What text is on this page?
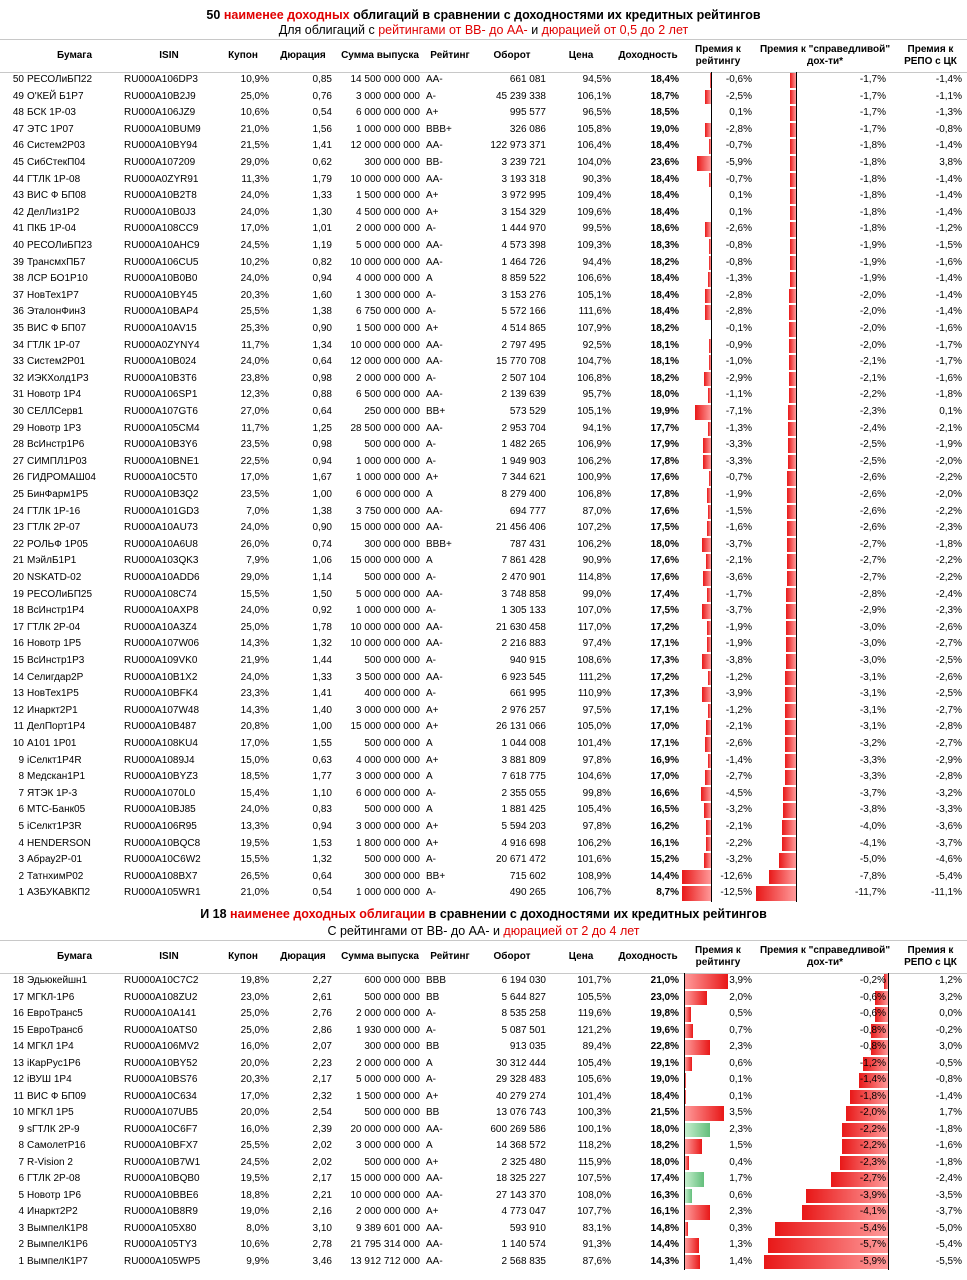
50 наименее доходных облигаций в сравнении с доходностями их кредитных рейтингов
Для облигаций с рейтингами от ВВ- до АА- и дюрацией от 0,5 до 2 лет
Бумага	ISIN	Купон	Дюрация	Сумма выпуска	Рейтинг	Оборот	Цена	Доходность
Премия к рейтингу
Премия к "справедливой" дох-ти*
Премия к РЕПО с ЦК
50 РЕСОЛиБП22	RU000A106DP3	10,9%	0,85	14 500 000 000 AA-	661 081	94,5%	18,4%	-0,6%	-1,7%	-1,4%
49 О'КЕЙ Б1Р7	RU000A10B2J9	25,0%	0,76	3 000 000 000 A-	45 239 338	106,1%	18,7%	-2,5%	-1,7%	-1,1%
48 БСК 1Р-03	RU000A106JZ9	10,6%	0,54	6 000 000 000 A+	995 577	96,5%	18,5%	0,1%	-1,7%	-1,3%
47 ЭТС 1P07	RU000A10BUM9	21,0%	1,56	1 000 000 000 BBB+	326 086	105,8%	19,0%	-2,8%	-1,7%	-0,8%
46 Систем2Р03	RU000A10BY94	21,5%	1,41	12 000 000 000 AA-	122 973 371	106,4%	18,4%	-0,7%	-1,8%	-1,4%
45 СибСтекП04	RU000A107209	29,0%	0,62	300 000 000 BB-	3 239 721	104,0%	23,6%	-5,9%	-1,8%	3,8%
44 ГТЛК 1Р-08	RU000A0ZYR91	11,3%	1,79	10 000 000 000 AA-	3 193 318	90,3%	18,4%	-0,7%	-1,8%	-1,4%
43 ВИС Ф БП08	RU000A10B2T8	24,0%	1,33	1 500 000 000 A+	3 972 995	109,4%	18,4%	0,1%	-1,8%	-1,4%
42 ДелЛиз1Р2	RU000A10B0J3	24,0%	1,30	4 500 000 000 A+	3 154 329	109,6%	18,4%	0,1%	-1,8%	-1,4%
41 ПКБ 1Р-04	RU000A108CC9	17,0%	1,01	2 000 000 000 A-	1 444 970	99,5%	18,6%	-2,6%	-1,8%	-1,2%
40 РЕСОЛиБП23	RU000A10AHC9	24,5%	1,19	5 000 000 000 AA-	4 573 398	109,3%	18,3%	-0,8%	-1,9%	-1,5%
39 ТрансмхПБ7	RU000A106CU5	10,2%	0,82	10 000 000 000 AA-	1 464 726	94,4%	18,2%	-0,8%	-1,9%	-1,6%
38 ЛСР БО1Р10	RU000A10B0B0	24,0%	0,94	4 000 000 000 A	8 859 522	106,6%	18,4%	-1,3%	-1,9%	-1,4%
37 НовТех1Р7	RU000A10BY45	20,3%	1,60	1 300 000 000 A-	3 153 276	105,1%	18,4%	-2,8%	-2,0%	-1,4%
36 ЭталонФин3	RU000A10BAP4	25,5%	1,38	6 750 000 000 A-	5 572 166	111,6%	18,4%	-2,8%	-2,0%	-1,4%
35 ВИС Ф БП07	RU000A10AV15	25,3%	0,90	1 500 000 000 A+	4 514 865	107,9%	18,2%	-0,1%	-2,0%	-1,6%
34 ГТЛК 1Р-07	RU000A0ZYNY4	11,7%	1,34	10 000 000 000 AA-	2 797 495	92,5%	18,1%	-0,9%	-2,0%	-1,7%
33 Систем2Р01	RU000A10B024	24,0%	0,64	12 000 000 000 AA-	15 770 708	104,7%	18,1%	-1,0%	-2,1%	-1,7%
32 ИЭКХолд1Р3	RU000A10B3T6	23,8%	0,98	2 000 000 000 A-	2 507 104	106,8%	18,2%	-2,9%	-2,1%	-1,6%
31 Новотр 1Р4	RU000A106SP1	12,3%	0,88	6 500 000 000 AA-	2 139 639	95,7%	18,0%	-1,1%	-2,2%	-1,8%
30 СЕЛЛСерв1	RU000A107GT6	27,0%	0,64	250 000 000 BB+	573 529	105,1%	19,9%	-7,1%	-2,3%	0,1%
29 Новотр 1Р3	RU000A105CM4	11,7%	1,25	28 500 000 000 AA-	2 953 704	94,1%	17,7%	-1,3%	-2,4%	-2,1%
28 ВсИнстр1Р6	RU000A10B3Y6	23,5%	0,98	500 000 000 A-	1 482 265	106,9%	17,9%	-3,3%	-2,5%	-1,9%
27 СИМПЛ1Р03	RU000A10BNE1	22,5%	0,94	1 000 000 000 A-	1 949 903	106,2%	17,8%	-3,3%	-2,5%	-2,0%
26 ГИДРОМАШ04	RU000A10C5T0	17,0%	1,67	1 000 000 000 A+	7 344 621	100,9%	17,6%	-0,7%	-2,6%	-2,2%
25 БинФарм1Р5	RU000A10B3Q2	23,5%	1,00	6 000 000 000 A	8 279 400	106,8%	17,8%	-1,9%	-2,6%	-2,0%
24 ГТЛК 1Р-16	RU000A101GD3	7,0%	1,38	3 750 000 000 AA-	694 777	87,0%	17,6%	-1,5%	-2,6%	-2,2%
23 ГТЛК 2Р-07	RU000A10AU73	24,0%	0,90	15 000 000 000 AA-	21 456 406	107,2%	17,5%	-1,6%	-2,6%	-2,3%
22 РОЛЬФ 1Р05	RU000A10A6U8	26,0%	0,74	300 000 000 BBB+	787 431	106,2%	18,0%	-3,7%	-2,7%	-1,8%
21 МэйлБ1Р1	RU000A103QK3	7,9%	1,06	15 000 000 000 A	7 861 428	90,9%	17,6%	-2,1%	-2,7%	-2,2%
20 NSKATD-02	RU000A10ADD6	29,0%	1,14	500 000 000 A-	2 470 901	114,8%	17,6%	-3,6%	-2,7%	-2,2%
19 РЕСОЛиБП25	RU000A108C74	15,5%	1,50	5 000 000 000 AA-	3 748 858	99,0%	17,4%	-1,7%	-2,8%	-2,4%
18 ВсИнстр1Р4	RU000A10AXP8	24,0%	0,92	1 000 000 000 A-	1 305 133	107,0%	17,5%	-3,7%	-2,9%	-2,3%
17 ГТЛК 2Р-04	RU000A10A3Z4	25,0%	1,78	10 000 000 000 AA-	21 630 458	117,0%	17,2%	-1,9%	-3,0%	-2,6%
16 Новотр 1Р5	RU000A107W06	14,3%	1,32	10 000 000 000 AA-	2 216 883	97,4%	17,1%	-1,9%	-3,0%	-2,7%
15 ВсИнстр1Р3	RU000A109VK0	21,9%	1,44	500 000 000 A-	940 915	108,6%	17,3%	-3,8%	-3,0%	-2,5%
14 Селигдар2Р	RU000A10B1X2	24,0%	1,33	3 500 000 000 AA-	6 923 545	111,2%	17,2%	-1,2%	-3,1%	-2,6%
13 НовТех1Р5	RU000A10BFK4	23,3%	1,41	400 000 000 A-	661 995	110,9%	17,3%	-3,9%	-3,1%	-2,5%
12 Инаркт2Р1	RU000A107W48	14,3%	1,40	3 000 000 000 A+	2 976 257	97,5%	17,1%	-1,2%	-3,1%	-2,7%
11 ДелПорт1Р4	RU000A10B487	20,8%	1,00	15 000 000 000 A+	26 131 066	105,0%	17,0%	-2,1%	-3,1%	-2,8%
10 А101 1Р01	RU000A108KU4	17,0%	1,55	500 000 000 A	1 044 008	101,4%	17,1%	-2,6%	-3,2%	-2,7%
9 iСелкт1Р4R	RU000A1089J4	15,0%	0,63	4 000 000 000 A+	3 881 809	97,8%	16,9%	-1,4%	-3,3%	-2,9%
8 Медскан1Р1	RU000A10BYZ3	18,5%	1,77	3 000 000 000 A	7 618 775	104,6%	17,0%	-2,7%	-3,3%	-2,8%
7 ЯТЭК 1Р-3	RU000A1070L0	15,4%	1,10	6 000 000 000 A-	2 355 055	99,8%	16,6%	-4,5%	-3,7%	-3,2%
6 МТС-Банк05	RU000A10BJ85	24,0%	0,83	500 000 000 A	1 881 425	105,4%	16,5%	-3,2%	-3,8%	-3,3%
5 iСелкт1Р3R	RU000A106R95	13,3%	0,94	3 000 000 000 A+	5 594 203	97,8%	16,2%	-2,1%	-4,0%	-3,6%
4 HENDERSON	RU000A10BQC8	19,5%	1,53	1 800 000 000 A+	4 916 698	106,2%	16,1%	-2,2%	-4,1%	-3,7%
3 Абрау2Р-01	RU000A10C6W2	15,5%	1,32	500 000 000 A-	20 671 472	101,6%	15,2%	-3,2%	-5,0%	-4,6%
2 ТатнхимР02	RU000A108BX7	26,5%	0,64	300 000 000 BB+	715 602	108,9%	14,4%	-12,6%	-7,8%	-5,4%
1 АЗБУКАВКП2	RU000A105WR1	21,0%	0,54	1 000 000 000 A-	490 265	106,7%	8,7%	-12,5%	-11,7%	-11,1%
И 18 наименее доходных облигации в сравнении с доходностями их кредитных рейтингов
С рейтингами от ВВ- до АА- и дюрацией от 2 до 4 лет
Бумага	ISIN	Купон	Дюрация	Сумма выпуска	Рейтинг	Оборот	Цена	Доходность
Премия к рейтингу
Премия к "справедливой" дох-ти*
Премия к РЕПО с ЦК
18 Эдьюкейшн1	RU000A10C7C2	19,8%	2,27	600 000 000 BBB	6 194 030	101,7%	21,0%	3,9%	-0,2%	1,2%
17 МГКЛ-1Р6	RU000A108ZU2	23,0%	2,61	500 000 000 BB	5 644 827	105,5%	23,0%	2,0%	-0,6%	3,2%
16 ЕвроТранс5	RU000A10A141	25,0%	2,76	2 000 000 000 A-	8 535 258	119,6%	19,8%	0,5%	-0,6%	0,0%
15 ЕвроТрансб	RU000A10ATS0	25,0%	2,86	1 930 000 000 A-	5 087 501	121,2%	19,6%	0,7%	-0,8%	-0,2%
14 МГКЛ 1Р4	RU000A106MV2	16,0%	2,07	300 000 000 BB	913 035	89,4%	22,8%	2,3%	-0,8%	3,0%
13 iКарРус1Р6	RU000A10BY52	20,0%	2,23	2 000 000 000 A	30 312 444	105,4%	19,1%	0,6%	-1,2%	-0,5%
12 iВУШ 1Р4	RU000A10BS76	20,3%	2,17	5 000 000 000 A-	29 328 483	105,6%	19,0%	0,1%	-1,4%	-0,8%
11 ВИС Ф БП09	RU000A10C634	17,0%	2,32	1 500 000 000 A+	40 279 274	101,4%	18,4%	0,1%	-1,8%	-1,4%
10 МГКЛ 1Р5	RU000A107UB5	20,0%	2,54	500 000 000 BB	13 076 743	100,3%	21,5%	3,5%	-2,0%	1,7%
9 sГТЛК 2Р-9	RU000A10C6F7	16,0%	2,39	20 000 000 000 AA-	600 269 586	100,1%	18,0%	2,3%	-2,2%	-1,8%
8 СамолетР16	RU000A10BFX7	25,5%	2,02	3 000 000 000 A	14 368 572	118,2%	18,2%	1,5%	-2,2%	-1,6%
7 R-Vision 2	RU000A10B7W1	24,5%	2,02	500 000 000 A+	2 325 480	115,9%	18,0%	0,4%	-2,3%	-1,8%
6 ГТЛК 2Р-08	RU000A10BQB0	19,5%	2,17	15 000 000 000 AA-	18 325 227	107,5%	17,4%	1,7%	-2,7%	-2,4%
5 Новотр 1Р6	RU000A10BBE6	18,8%	2,21	10 000 000 000 AA-	27 143 370	108,0%	16,3%	0,6%	-3,9%	-3,5%
4 Инаркт2Р2	RU000A10B8R9	19,0%	2,16	2 000 000 000 A+	4 773 047	107,7%	16,1%	2,3%	-4,1%	-3,7%
3 ВымпелК1Р8	RU000A105X80	8,0%	3,10	9 389 601 000 AA-	593 910	83,1%	14,8%	0,3%	-5,4%	-5,0%
2 ВымпелК1Р6	RU000A105TY3	10,6%	2,78	21 795 314 000 AA-	1 140 574	91,3%	14,4%	1,3%	-5,7%	-5,4%
1 ВымпелК1Р7	RU000A105WP5	9,9%	3,46	13 912 712 000 AA-	2 568 835	87,6%	14,3%	1,4%	-5,9%	-5,5%
